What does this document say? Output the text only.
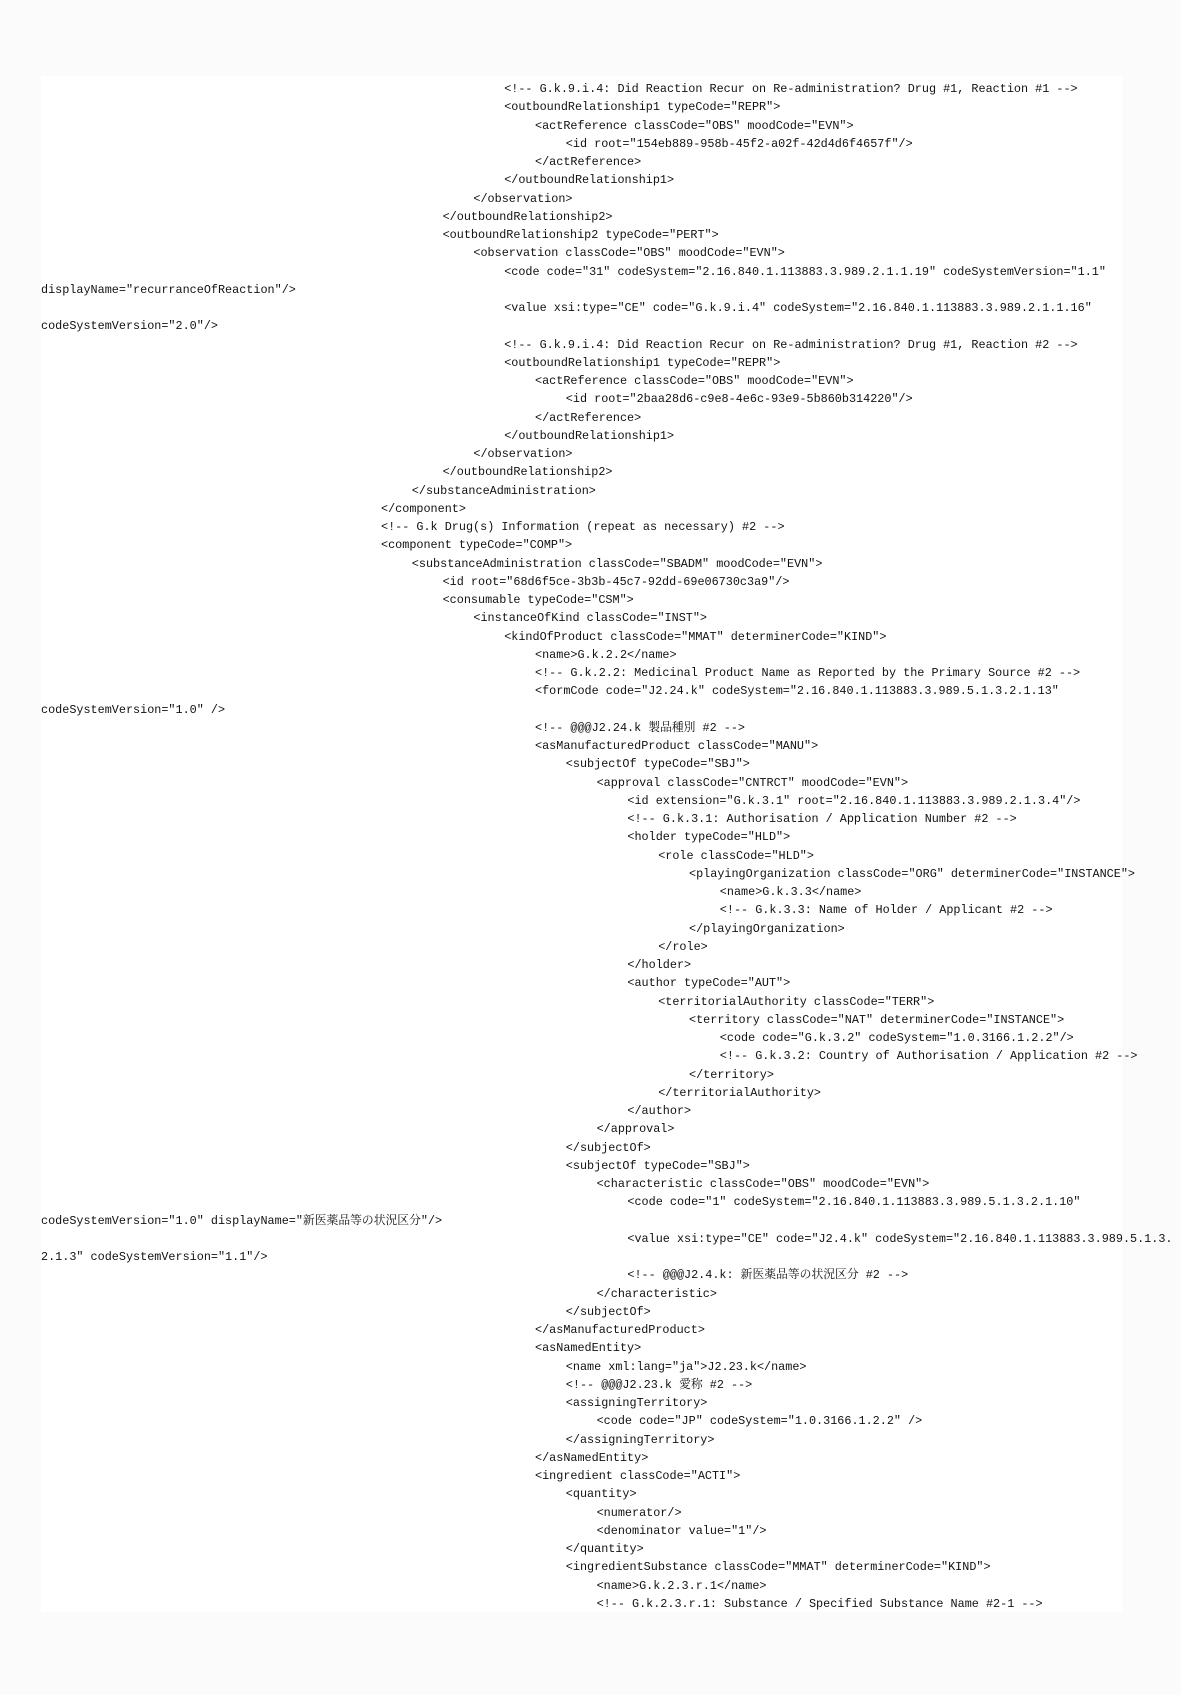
<!-- G.k.9.i.4: Did Reaction Recur on Re-administration? Drug #1, Reaction #1 -->
<outboundRelationship1 typeCode="REPR">
<actReference classCode="OBS" moodCode="EVN">
<id root="154eb889-958b-45f2-a02f-42d4d6f4657f"/>
</actReference>
</outboundRelationship1>
</observation>
</outboundRelationship2>
<outboundRelationship2 typeCode="PERT">
<observation classCode="OBS" moodCode="EVN">
<code code="31" codeSystem="2.16.840.1.113883.3.989.2.1.1.19" codeSystemVersion="1.1"
displayName="recurranceOfReaction"/>
<value xsi:type="CE" code="G.k.9.i.4" codeSystem="2.16.840.1.113883.3.989.2.1.1.16"
codeSystemVersion="2.0"/>
<!-- G.k.9.i.4: Did Reaction Recur on Re-administration? Drug #1, Reaction #2 -->
<outboundRelationship1 typeCode="REPR">
<actReference classCode="OBS" moodCode="EVN">
<id root="2baa28d6-c9e8-4e6c-93e9-5b860b314220"/>
</actReference>
</outboundRelationship1>
</observation>
</outboundRelationship2>
</substanceAdministration>
</component>
<!-- G.k Drug(s) Information (repeat as necessary) #2 -->
<component typeCode="COMP">
<substanceAdministration classCode="SBADM" moodCode="EVN">
<id root="68d6f5ce-3b3b-45c7-92dd-69e06730c3a9"/>
<consumable typeCode="CSM">
<instanceOfKind classCode="INST">
<kindOfProduct classCode="MMAT" determinerCode="KIND">
<name>G.k.2.2</name>
<!-- G.k.2.2: Medicinal Product Name as Reported by the Primary Source #2 -->
<formCode code="J2.24.k" codeSystem="2.16.840.1.113883.3.989.5.1.3.2.1.13"
codeSystemVersion="1.0" />
<!-- @@@J2.24.k 製品種別 #2 -->
<asManufacturedProduct classCode="MANU">
<subjectOf typeCode="SBJ">
<approval classCode="CNTRCT" moodCode="EVN">
<id extension="G.k.3.1" root="2.16.840.1.113883.3.989.2.1.3.4"/>
<!-- G.k.3.1: Authorisation / Application Number #2 -->
<holder typeCode="HLD">
<role classCode="HLD">
<playingOrganization classCode="ORG" determinerCode="INSTANCE">
<name>G.k.3.3</name>
<!-- G.k.3.3: Name of Holder / Applicant #2 -->
</playingOrganization>
</role>
</holder>
<author typeCode="AUT">
<territorialAuthority classCode="TERR">
<territory classCode="NAT" determinerCode="INSTANCE">
<code code="G.k.3.2" codeSystem="1.0.3166.1.2.2"/>
<!-- G.k.3.2: Country of Authorisation / Application #2 -->
</territory>
</territorialAuthority>
</author>
</approval>
</subjectOf>
<subjectOf typeCode="SBJ">
<characteristic classCode="OBS" moodCode="EVN">
<code code="1" codeSystem="2.16.840.1.113883.3.989.5.1.3.2.1.10"
codeSystemVersion="1.0" displayName="新医薬品等の状況区分"/>
<value xsi:type="CE" code="J2.4.k" codeSystem="2.16.840.1.113883.3.989.5.1.3.
2.1.3" codeSystemVersion="1.1"/>
<!-- @@@J2.4.k: 新医薬品等の状況区分 #2 -->
</characteristic>
</subjectOf>
</asManufacturedProduct>
<asNamedEntity>
<name xml:lang="ja">J2.23.k</name>
<!-- @@@J2.23.k 愛称 #2 -->
<assigningTerritory>
<code code="JP" codeSystem="1.0.3166.1.2.2" />
</assigningTerritory>
</asNamedEntity>
<ingredient classCode="ACTI">
<quantity>
<numerator/>
<denominator value="1"/>
</quantity>
<ingredientSubstance classCode="MMAT" determinerCode="KIND">
<name>G.k.2.3.r.1</name>
<!-- G.k.2.3.r.1: Substance / Specified Substance Name #2-1 -->
